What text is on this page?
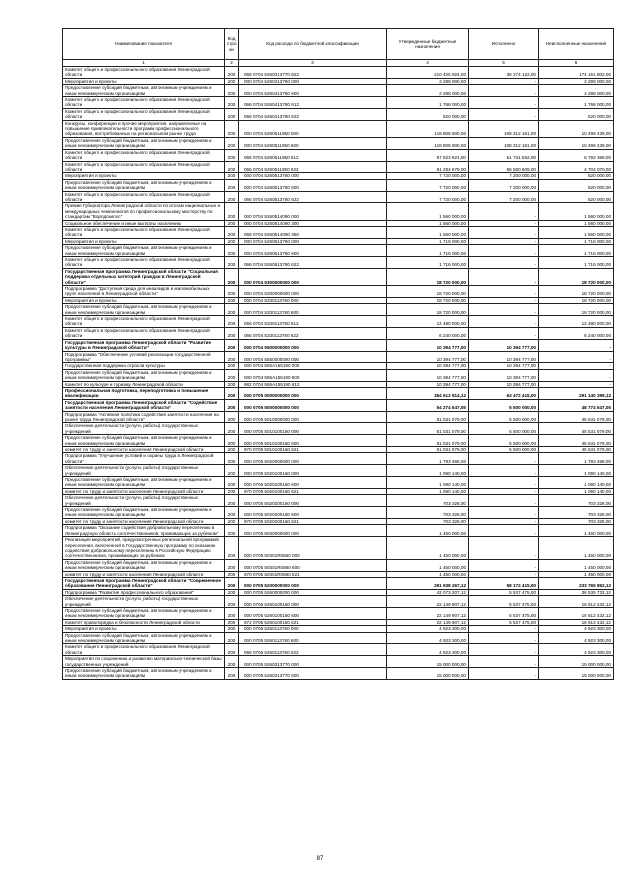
Наименование показателя	Код стро ки	Код расхода по бюджетной классификации	Утвержденные бюджетные назначения	Исполнено	Неисполненные назначения
1	2	3	4	5	6
Комитет общего и профессионального образования Ленинградской области	200	066 0704 5260313770 622	210 425 924,00	36 274 122,00	174 151 802,00
Мероприятия и проекты	200	000 0704 5260413760 000	2 288 000,00	-	2 288 000,00
Предоставление субсидий бюджетным, автономным учреждениям и иным некоммерческим организациям	200	000 0704 5260413760 600	2 288 000,00	-	2 288 000,00
Комитет общего и профессионального образования Ленинградской области	200	066 0704 5260413760 612	1 768 000,00	-	1 768 000,00
Комитет общего и профессионального образования Ленинградской области	200	066 0704 5260413760 622	520 000,00	-	520 000,00
Конкурсы, конференции и прочие мероприятия, направленные на повышение привлекательности программ профессионального образования, востребованных на региональном рынке труда	200	000 0704 5260511950 000	118 808 600,00	108 312 161,00	10 496 439,00
Предоставление субсидий бюджетным, автономным учреждениям и иным некоммерческим организациям	200	000 0704 5260511950 600	118 808 600,00	108 312 161,00	10 496 439,00
Комитет общего и профессионального образования Ленинградской области	200	066 0704 5260511950 612	57 523 921,00	51 731 552,00	5 792 369,00
Комитет общего и профессионального образования Ленинградской области	200	066 0704 5260511950 622	61 284 679,00	56 580 609,00	4 704 070,00
Мероприятия и проекты	200	000 0704 5260513760 000	7 720 000,00	7 200 000,00	520 000,00
Предоставление субсидий бюджетным, автономным учреждениям и иным некоммерческим организациям	200	000 0704 5260513760 600	7 720 000,00	7 200 000,00	520 000,00
Комитет общего и профессионального образования Ленинградской области	200	066 0704 5260513760 622	7 720 000,00	7 200 000,00	520 000,00
Премия Губернатора Ленинградской области по итогам национальных и международных чемпионатов по профессиональному мастерству по стандартам "Ворлдскиллс"	200	000 0704 5260514090 000	1 560 000,00	-	1 560 000,00
Социальное обеспечение и иные выплаты населению	200	000 0704 5260514090 300	1 560 000,00	-	1 560 000,00
Комитет общего и профессионального образования Ленинградской области	200	066 0704 5260514090 350	1 560 000,00	-	1 560 000,00
Мероприятия и проекты	200	000 0704 5260613760 000	1 716 000,00	-	1 716 000,00
Предоставление субсидий бюджетным, автономным учреждениям и иным некоммерческим организациям	200	000 0704 5260613760 600	1 716 000,00	-	1 716 000,00
Комитет общего и профессионального образования Ленинградской области	200	066 0704 5260613760 622	1 716 000,00	-	1 716 000,00
Государственная программа Ленинградской области "Социальная поддержка отдельных категорий граждан в Ленинградской области"	200	000 0704 5300000000 000	18 720 000,00	-	18 720 000,00
Подпрограмма "Доступная среда для инвалидов и маломобильных групп населения в Ленинградской области"	200	000 0704 5330000000 000	18 720 000,00	-	18 720 000,00
Мероприятия и проекты	200	000 0704 5330113760 000	18 720 000,00	-	18 720 000,00
Предоставление субсидий бюджетным, автономным учреждениям и иным некоммерческим организациям	200	000 0704 5330113760 600	18 720 000,00	-	18 720 000,00
Комитет общего и профессионального образования Ленинградской области	200	066 0704 5330113760 612	12 480 000,00	-	12 480 000,00
Комитет общего и профессионального образования Ленинградской области	200	066 0704 5330113760 622	6 240 000,00	-	6 240 000,00
Государственная программа Ленинградской области "Развитие культуры в Ленинградской области"	200	000 0704 5500000000 000	10 394 777,00	10 394 777,00	-
Подпрограмма "Обеспечение условий реализации государственной программы"	200	000 0704 5550000000 000	10 394 777,00	10 394 777,00	-
Государственная поддержка отрасли культуры	200	000 0704 555A155190 000	10 394 777,00	10 394 777,00	-
Предоставление субсидий бюджетным, автономным учреждениям и иным некоммерческим организациям	200	000 0704 555A155190 600	10 394 777,00	10 394 777,00	-
Комитет по культуре и туризму Ленинградской области	200	982 0704 555A155190 612	10 394 777,00	10 394 777,00	-
Профессиональная подготовка, переподготовка и повышение квалификации	200	000 0705 0000000000 000	354 612 814,12	63 472 415,00	291 140 399,12
Государственная программа Ленинградской области "Содействие занятости населения Ленинградской области"	200	000 0705 5000000000 000	54 274 547,05	5 500 000,00	48 774 547,05
Подпрограмма "Активная политика содействия занятости населения на рынке труда Ленинградской области"	200	000 0705 5010000000 000	51 031 079,00	5 500 000,00	45 531 079,00
Обеспечение деятельности (услуги, работы) государственных учреждений	200	000 0705 5010100160 000	51 031 079,00	5 500 000,00	45 531 079,00
Предоставление субсидий бюджетным, автономным учреждениям и иным некоммерческим организациям	200	000 0705 5010100160 600	51 031 079,00	5 500 000,00	45 531 079,00
комитет по труду и занятости населения Ленинградской области	200	970 0705 5010100160 621	51 031 079,00	5 500 000,00	45 531 079,00
Подпрограмма "Улучшение условий и охраны труда в Ленинградской области"	200	000 0705 5020000000 000	1 793 468,00	-	1 793 468,00
Обеспечение деятельности (услуги, работы) государственных учреждений	200	000 0705 5020100160 000	1 090 140,00	-	1 090 140,00
Предоставление субсидий бюджетным, автономным учреждениям и иным некоммерческим организациям	200	000 0705 5020100160 600	1 090 140,00	-	1 090 140,00
комитет по труду и занятости населения Ленинградской области	200	970 0705 5020100160 621	1 090 140,00	-	1 090 140,00
Обеспечение деятельности (услуги, работы) государственных учреждений	200	000 0705 5020200160 000	703 328,00	-	703 328,00
Предоставление субсидий бюджетным, автономным учреждениям и иным некоммерческим организациям	200	000 0705 5020200160 600	703 328,00	-	703 328,00
комитет по труду и занятости населения Ленинградской области	200	970 0705 5020200160 621	703 328,00	-	703 328,00
Подпрограмма "Оказание содействия добровольному переселению в Ленинградскую область соотечественников, проживающих за рубежом"	200	000 0705 5030000000 000	1 450 000,00	-	1 450 000,00
Реализация мероприятий, предусмотренных региональной программой переселения, включенной в Государственную программу по оказанию содействия добровольному переселению в Российскую Федерацию соотечественников, проживающих за рубежом	200	000 0705 50301R0860 000	1 450 000,00	-	1 450 000,00
Предоставление субсидий бюджетным, автономным учреждениям и иным некоммерческим организациям	200	000 0705 50301R0860 600	1 450 000,00	-	1 450 000,00
комитет по труду и занятости населения Ленинградской области	200	970 0705 50301R0860 621	1 450 000,00	-	1 450 000,00
Государственная программа Ленинградской области "Современное образование Ленинградской области"	200	000 0705 5200000000 000	291 938 267,12	58 172 415,00	233 765 852,12
Подпрограмма "Развитие профессионального образования"	200	000 0705 5260000000 000	42 073 207,12	5 537 475,00	36 535 732,12
Обеспечение деятельности (услуги, работы) государственных учреждений	200	000 0705 5260100160 000	22 149 907,12	5 537 475,00	16 612 432,12
Предоставление субсидий бюджетным, автономным учреждениям и иным некоммерческим организациям	200	000 0705 5260100160 600	22 149 907,12	5 537 475,00	16 612 432,12
Комитет правопорядка и безопасности Ленинградской области	200	972 0705 5260100160 621	22 149 907,12	5 537 475,00	16 612 432,12
Мероприятия и проекты	200	000 0705 5260113760 000	4 923 300,00	-	4 923 300,00
Предоставление субсидий бюджетным, автономным учреждениям и иным некоммерческим организациям	200	000 0705 5260113760 600	4 923 300,00	-	4 923 300,00
Комитет общего и профессионального образования Ленинградской области	200	066 0705 5260113760 622	4 923 300,00	-	4 923 300,00
Мероприятия по сохранению и развитию материально-технической базы государственных учреждений	200	000 0705 5260313770 000	15 000 000,00	-	15 000 000,00
Предоставление субсидий бюджетным, автономным учреждениям и иным некоммерческим организациям	200	000 0705 5260313770 600	15 000 000,00	-	15 000 000,00
87
